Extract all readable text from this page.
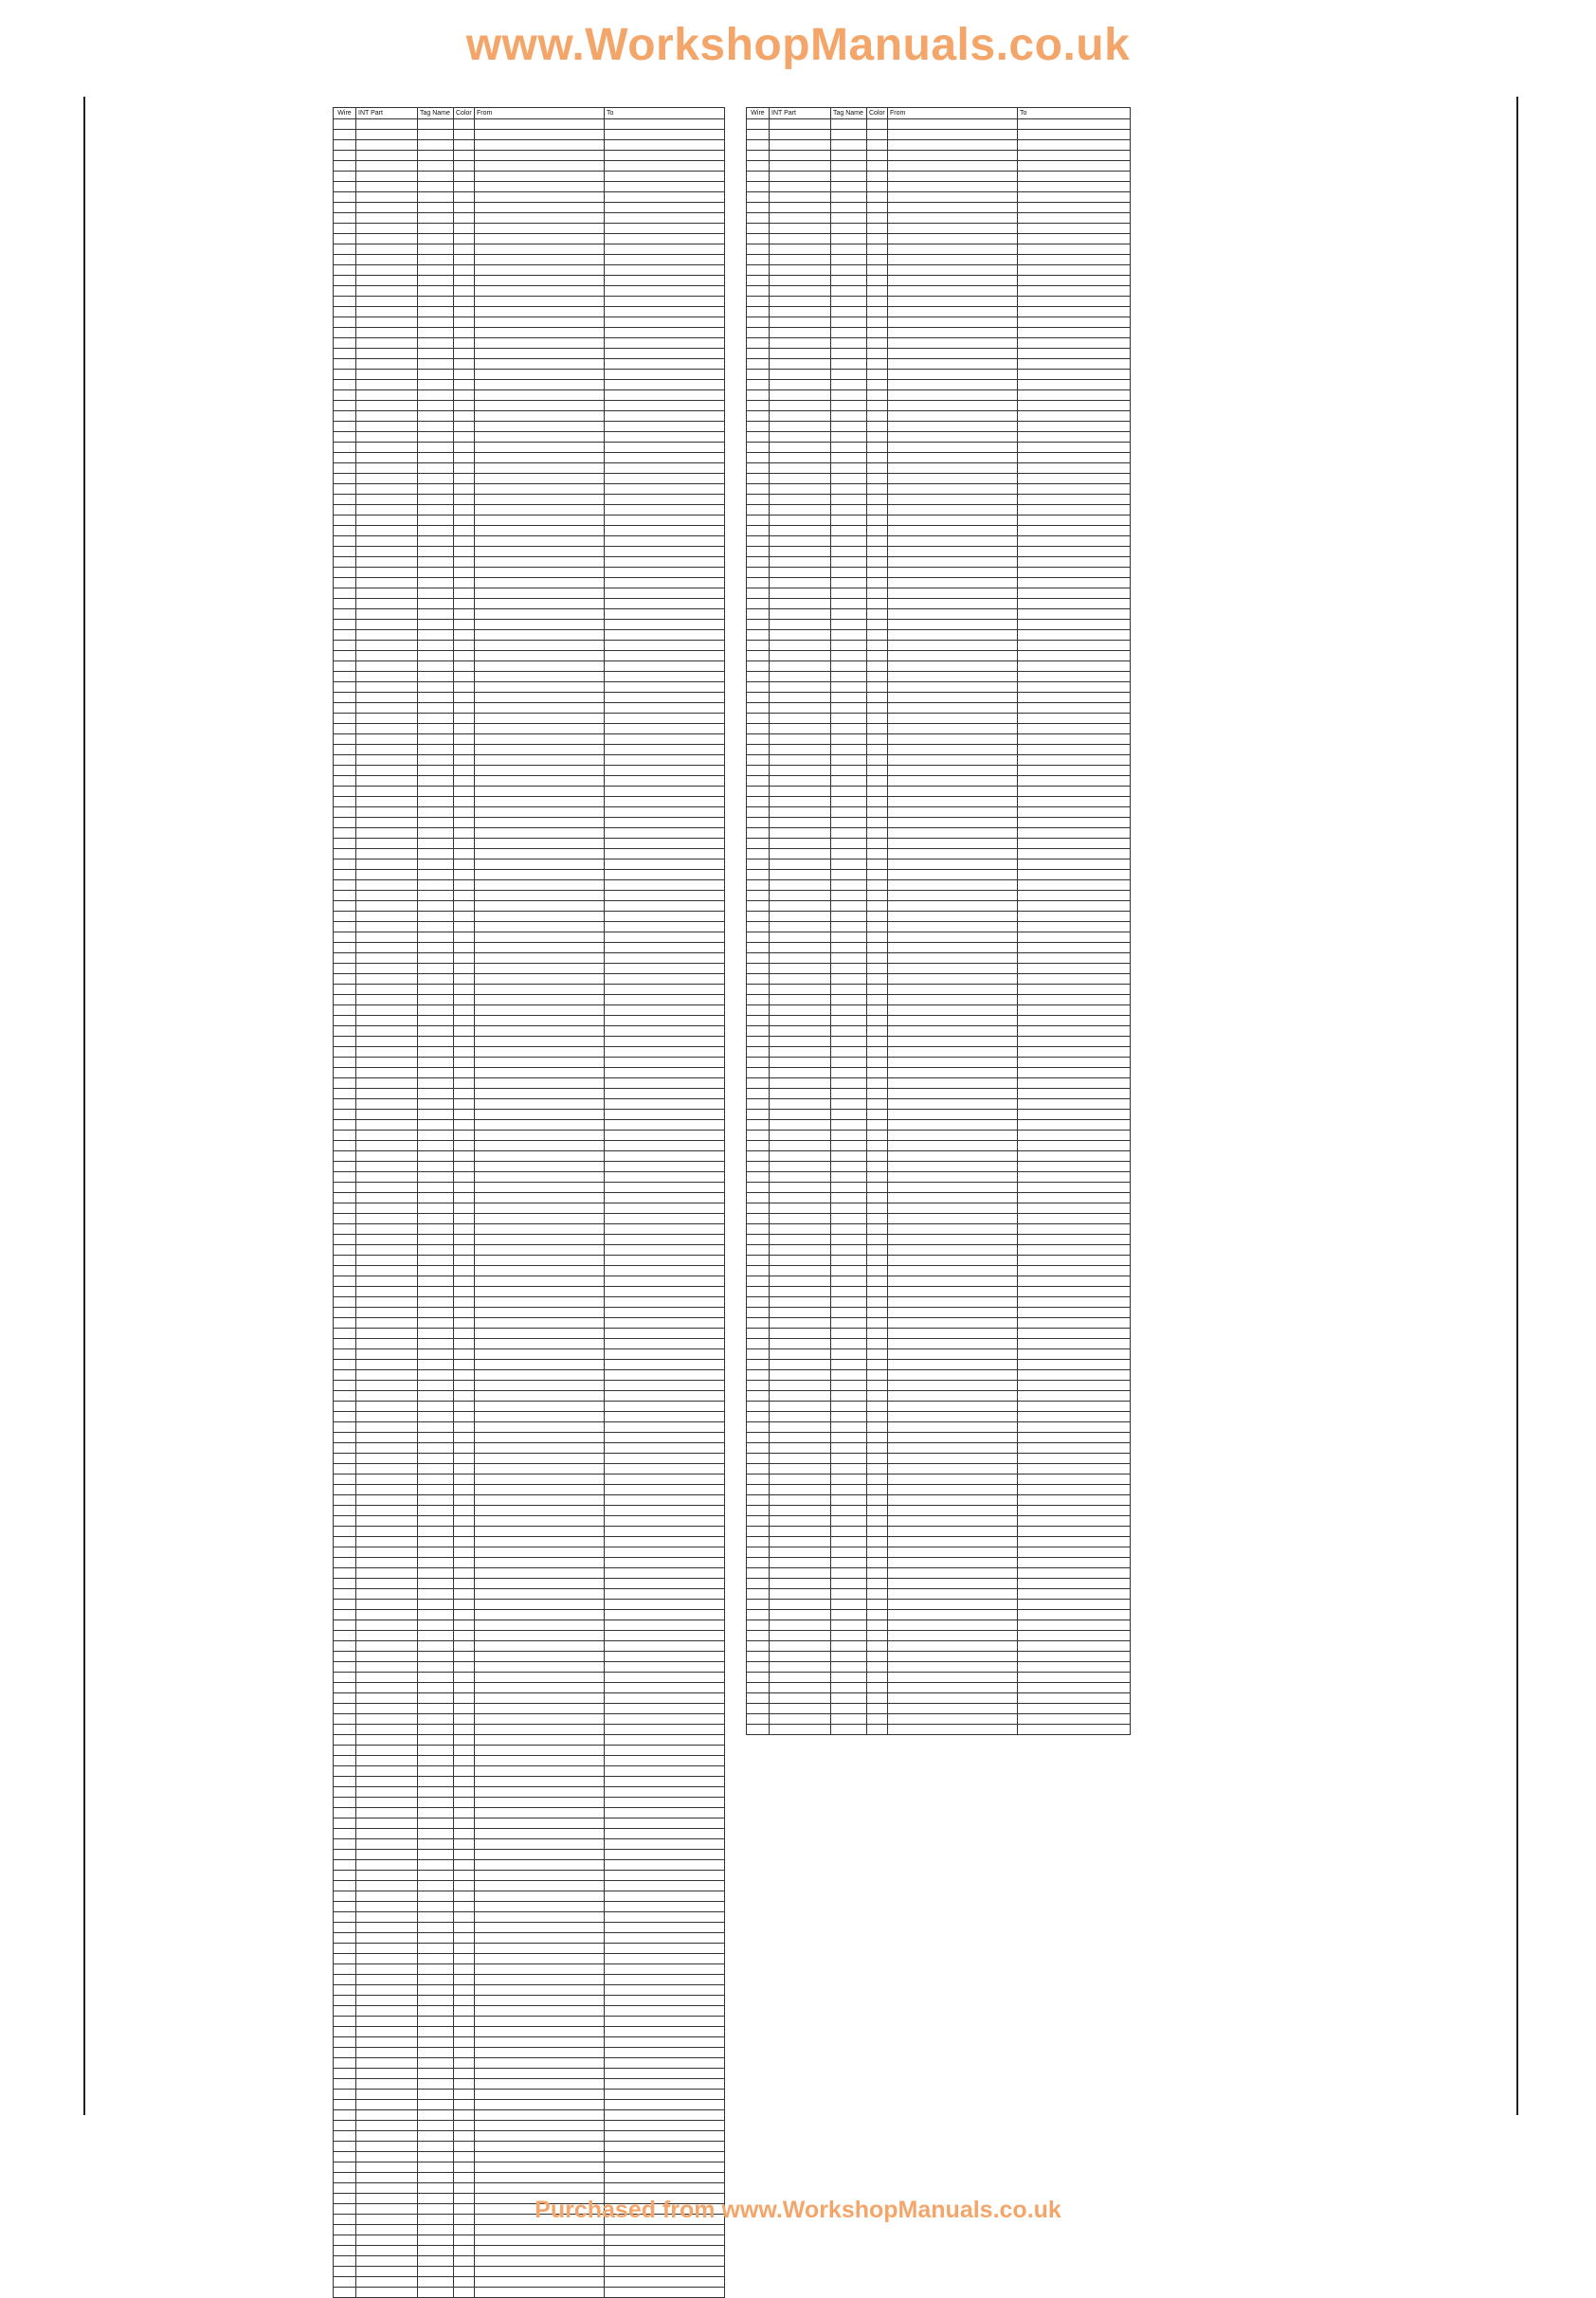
www.WorkshopManuals.co.uk
Wire	INT Part	Tag Name	Color	From	To

						Wire	INT Part	Tag Name	Color	From	To

Purchased from www.WorkshopManuals.co.uk
